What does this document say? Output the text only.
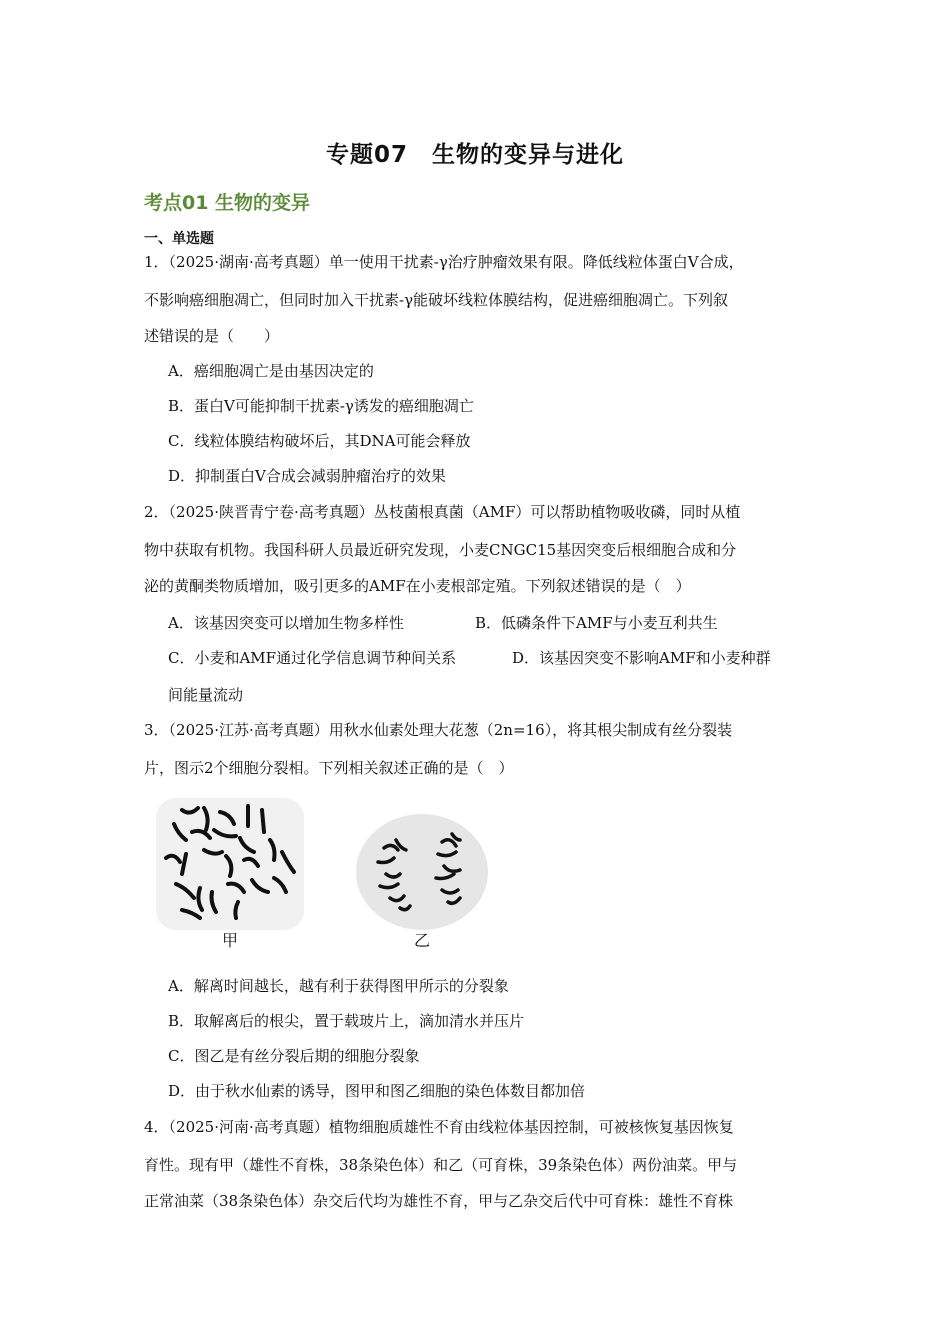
专题07　生物的变异与进化
考点01 生物的变异
一、单选题
1．（2025·湖南·高考真题）单一使用干扰素-γ治疗肿瘤效果有限。降低线粒体蛋白V合成，
不影响癌细胞凋亡，但同时加入干扰素-γ能破坏线粒体膜结构，促进癌细胞凋亡。下列叙
述错误的是（　　）
A．癌细胞凋亡是由基因决定的
B．蛋白V可能抑制干扰素-γ诱发的癌细胞凋亡
C．线粒体膜结构破坏后，其DNA可能会释放
D．抑制蛋白V合成会减弱肿瘤治疗的效果
2．（2025·陕晋青宁卷·高考真题）丛枝菌根真菌（AMF）可以帮助植物吸收磷，同时从植
物中获取有机物。我国科研人员最近研究发现，小麦CNGC15基因突变后根细胞合成和分
泌的黄酮类物质增加，吸引更多的AMF在小麦根部定殖。下列叙述错误的是（　）
A．该基因突变可以增加生物多样性	B．低磷条件下AMF与小麦互利共生
C．小麦和AMF通过化学信息调节种间关系	D．该基因突变不影响AMF和小麦种群
间能量流动
3．（2025·江苏·高考真题）用秋水仙素处理大花葱（2n=16），将其根尖制成有丝分裂装
片，图示2个细胞分裂相。下列相关叙述正确的是（　）
甲	乙
A．解离时间越长，越有利于获得图甲所示的分裂象
B．取解离后的根尖，置于载玻片上，滴加清水并压片
C．图乙是有丝分裂后期的细胞分裂象
D．由于秋水仙素的诱导，图甲和图乙细胞的染色体数目都加倍
4．（2025·河南·高考真题）植物细胞质雄性不育由线粒体基因控制，可被核恢复基因恢复
育性。现有甲（雄性不育株，38条染色体）和乙（可育株，39条染色体）两份油菜。甲与
正常油菜（38条染色体）杂交后代均为雄性不育，甲与乙杂交后代中可育株：雄性不育株
